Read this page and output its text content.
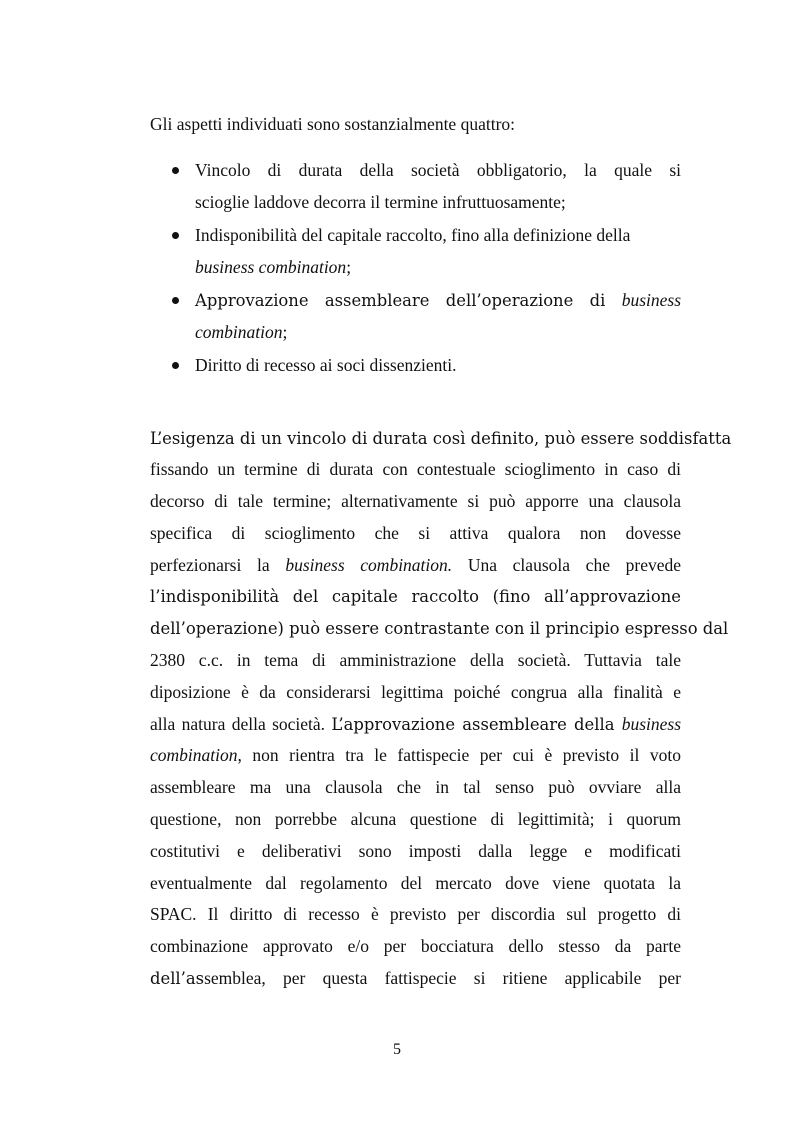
Gli aspetti individuati sono sostanzialmente quattro:

Vincolo di durata della società obbligatorio, la quale si
scioglie laddove decorra il termine infruttuosamente;
Indisponibilità del capitale raccolto, fino alla definizione della
business combination;
Approvazione assembleare dell’operazione di business
combination;
Diritto di recesso ai soci dissenzienti.
L’esigenza di un vincolo di durata così definito, può essere soddisfatta
fissando un termine di durata con contestuale scioglimento in caso di
decorso di tale termine; alternativamente si può apporre una clausola
specifica di scioglimento che si attiva qualora non dovesse
perfezionarsi la business combination. Una clausola che prevede
l’indisponibilità del capitale raccolto (fino all’approvazione
dell’operazione) può essere contrastante con il principio espresso dal
2380 c.c. in tema di amministrazione della società. Tuttavia tale
diposizione è da considerarsi legittima poiché congrua alla finalità e
alla natura della società. L’approvazione assembleare della business
combination, non rientra tra le fattispecie per cui è previsto il voto
assembleare ma una clausola che in tal senso può ovviare alla
questione, non porrebbe alcuna questione di legittimità; i quorum
costitutivi e deliberativi sono imposti dalla legge e modificati
eventualmente dal regolamento del mercato dove viene quotata la
SPAC. Il diritto di recesso è previsto per discordia sul progetto di
combinazione approvato e/o per bocciatura dello stesso da parte
dell’assemblea, per questa fattispecie si ritiene applicabile per
5
